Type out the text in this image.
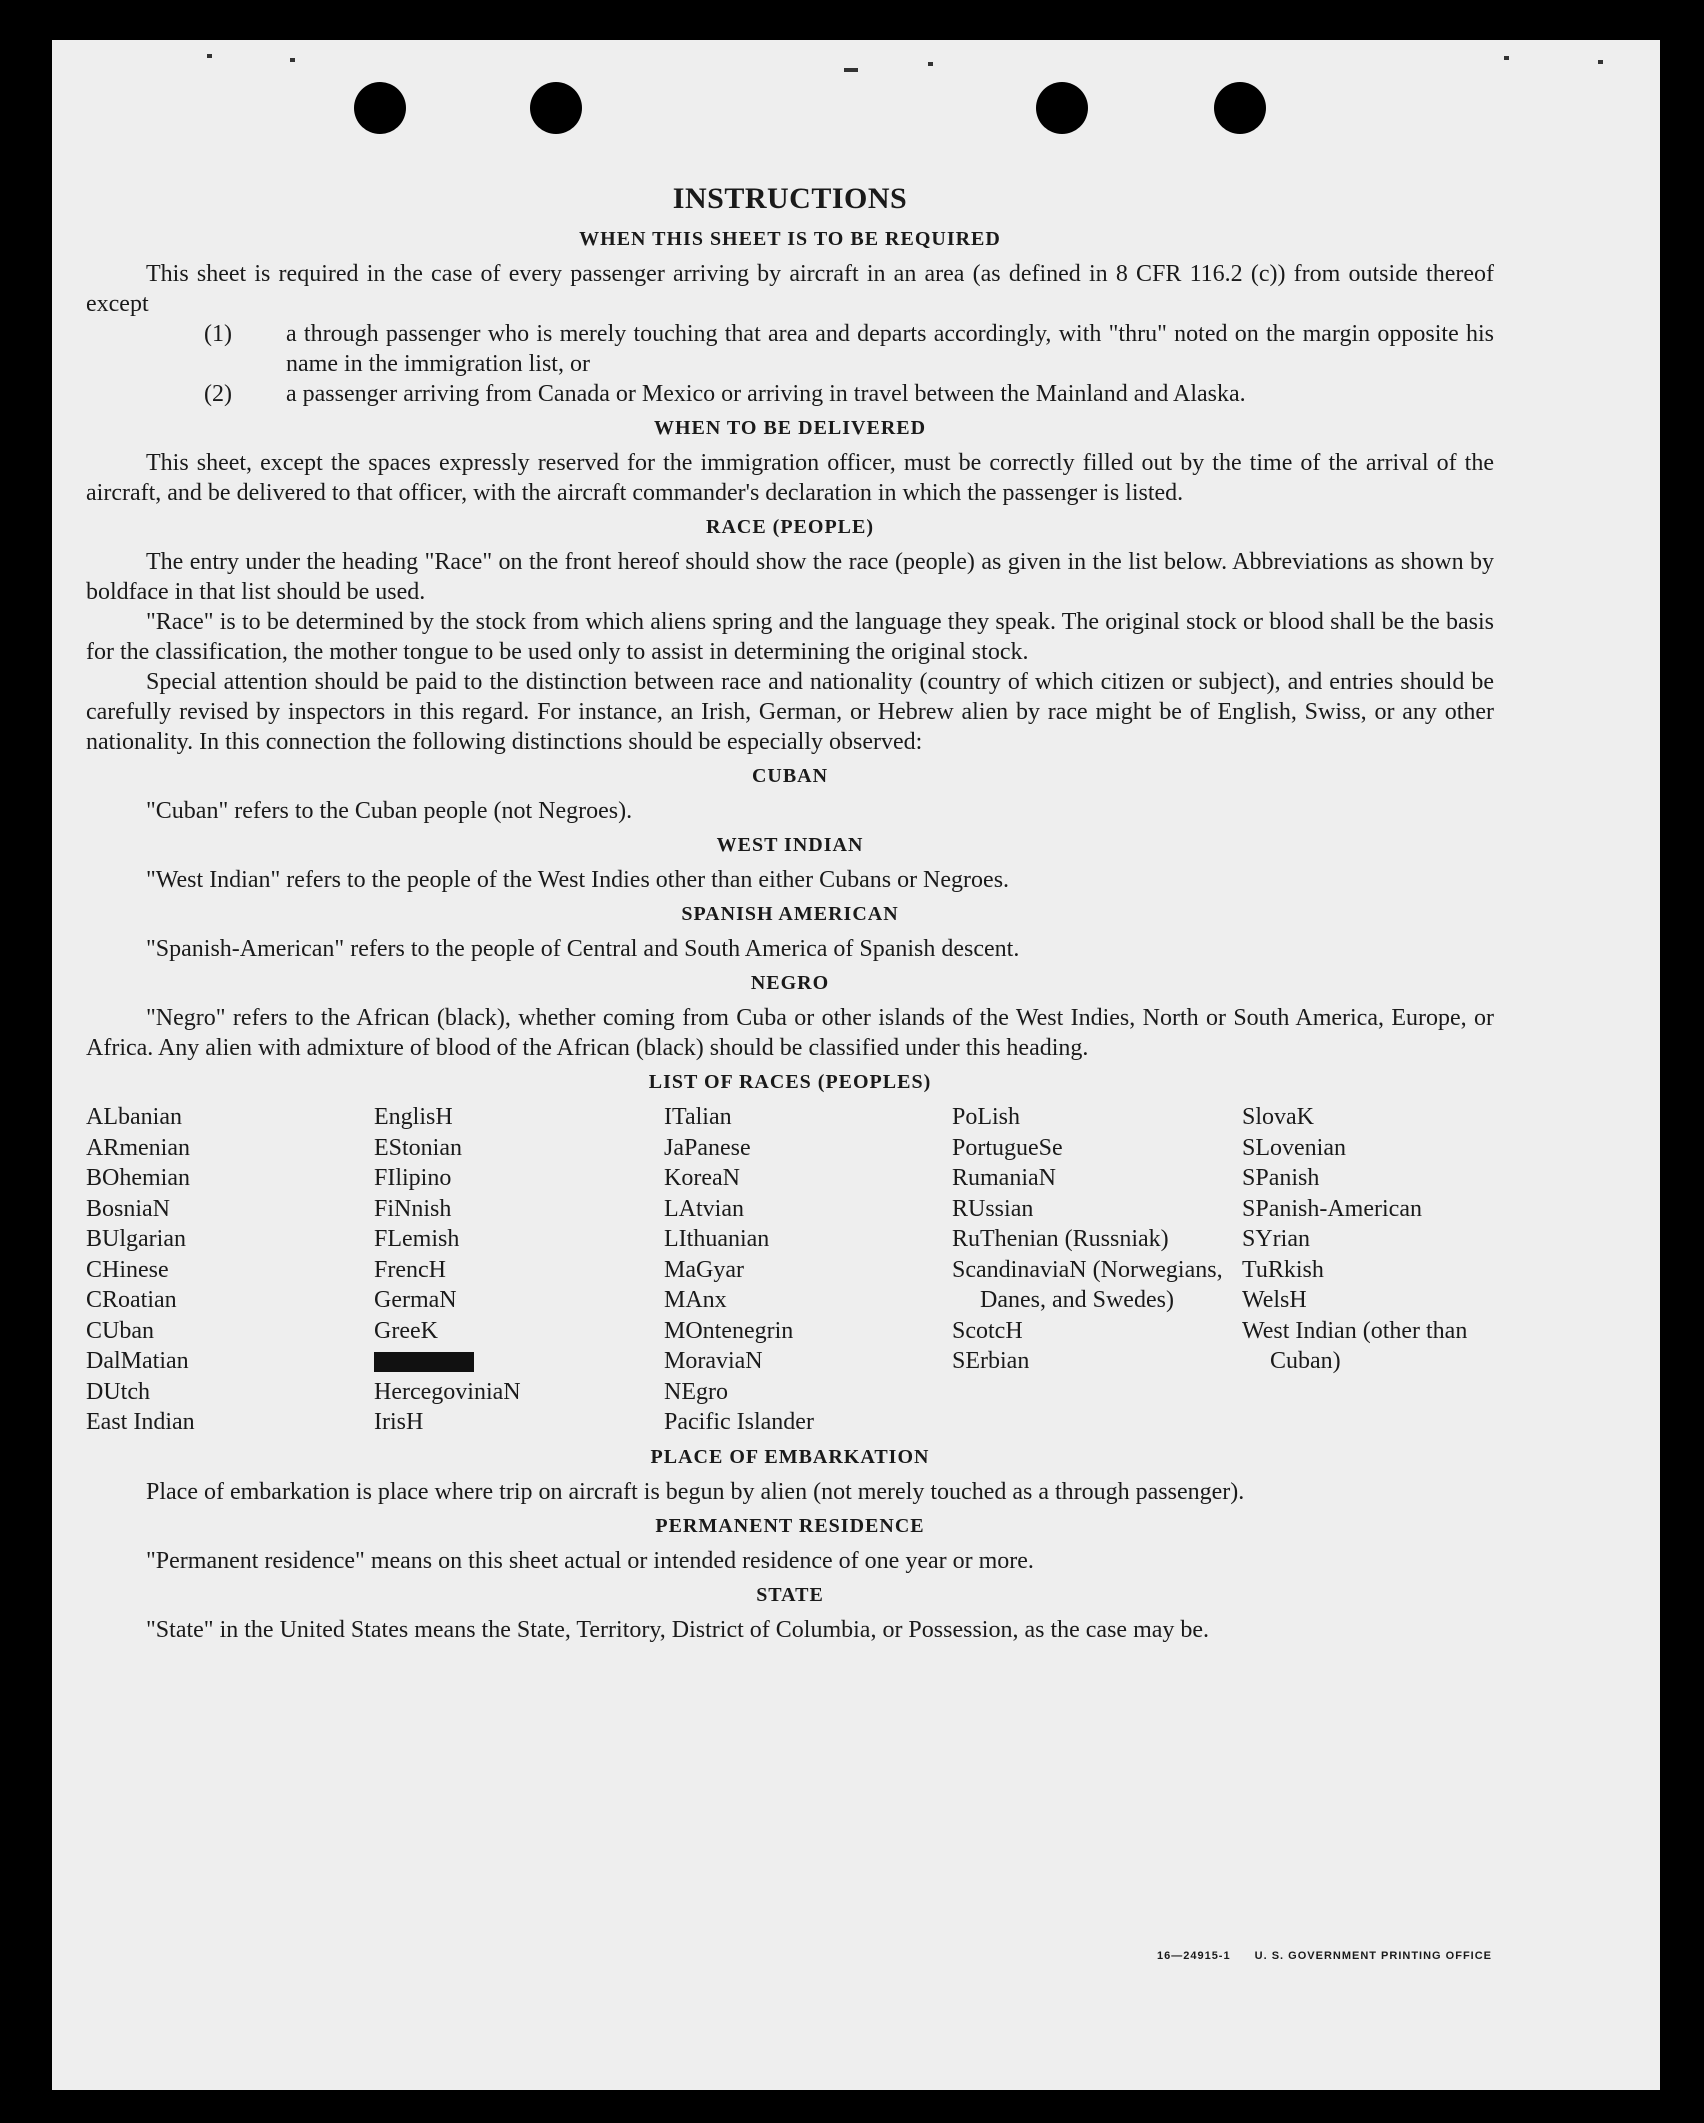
INSTRUCTIONS
WHEN THIS SHEET IS TO BE REQUIRED

This sheet is required in the case of every passenger arriving by aircraft in an area (as defined in 8 CFR 116.2 (c)) from outside thereof except

(1)	a through passenger who is merely touching that area and departs accordingly, with "thru" noted on the margin opposite his name in the immigration list, or
(2)	a passenger arriving from Canada or Mexico or arriving in travel between the Mainland and Alaska.
WHEN TO BE DELIVERED

This sheet, except the spaces expressly reserved for the immigration officer, must be correctly filled out by the time of the arrival of the aircraft, and be delivered to that officer, with the aircraft commander's declaration in which the passenger is listed.

RACE (PEOPLE)

The entry under the heading "Race" on the front hereof should show the race (people) as given in the list below. Abbreviations as shown by boldface in that list should be used.

"Race" is to be determined by the stock from which aliens spring and the language they speak. The original stock or blood shall be the basis for the classification, the mother tongue to be used only to assist in determining the original stock.

Special attention should be paid to the distinction between race and nationality (country of which citizen or subject), and entries should be carefully revised by inspectors in this regard. For instance, an Irish, German, or Hebrew alien by race might be of English, Swiss, or any other nationality. In this connection the following distinctions should be especially observed:

CUBAN

"Cuban" refers to the Cuban people (not Negroes).

WEST INDIAN

"West Indian" refers to the people of the West Indies other than either Cubans or Negroes.

SPANISH AMERICAN

"Spanish-American" refers to the people of Central and South America of Spanish descent.

NEGRO

"Negro" refers to the African (black), whether coming from Cuba or other islands of the West Indies, North or South America, Europe, or Africa. Any alien with admixture of blood of the African (black) should be classified under this heading.

LIST OF RACES (PEOPLES)
ALbanian
ARmenian
BOhemian
BosniaN
BUlgarian
CHinese
CRoatian
CUban
DalMatian
DUtch
East Indian
EnglisH
EStonian
FIlipino
FiNnish
FLemish
FrencH
GermaN
GreeK
HercegoviniaN
IrisH
ITalian
JaPanese
KoreaN
LAtvian
LIthuanian
MaGyar
MAnx
MOntenegrin
MoraviaN
NEgro
Pacific Islander
PoLish
PortugueSe
RumaniaN
RUssian
RuThenian (Russniak)
ScandinaviaN (Norwegians, Danes, and Swedes)
ScotcH
SErbian
SlovaK
SLovenian
SPanish
SPanish-American
SYrian
TuRkish
WelsH
West Indian (other than Cuban)
PLACE OF EMBARKATION

Place of embarkation is place where trip on aircraft is begun by alien (not merely touched as a through passenger).

PERMANENT RESIDENCE

"Permanent residence" means on this sheet actual or intended residence of one year or more.

STATE

"State" in the United States means the State, Territory, District of Columbia, or Possession, as the case may be.

16—24915-1 U. S. GOVERNMENT PRINTING OFFICE
